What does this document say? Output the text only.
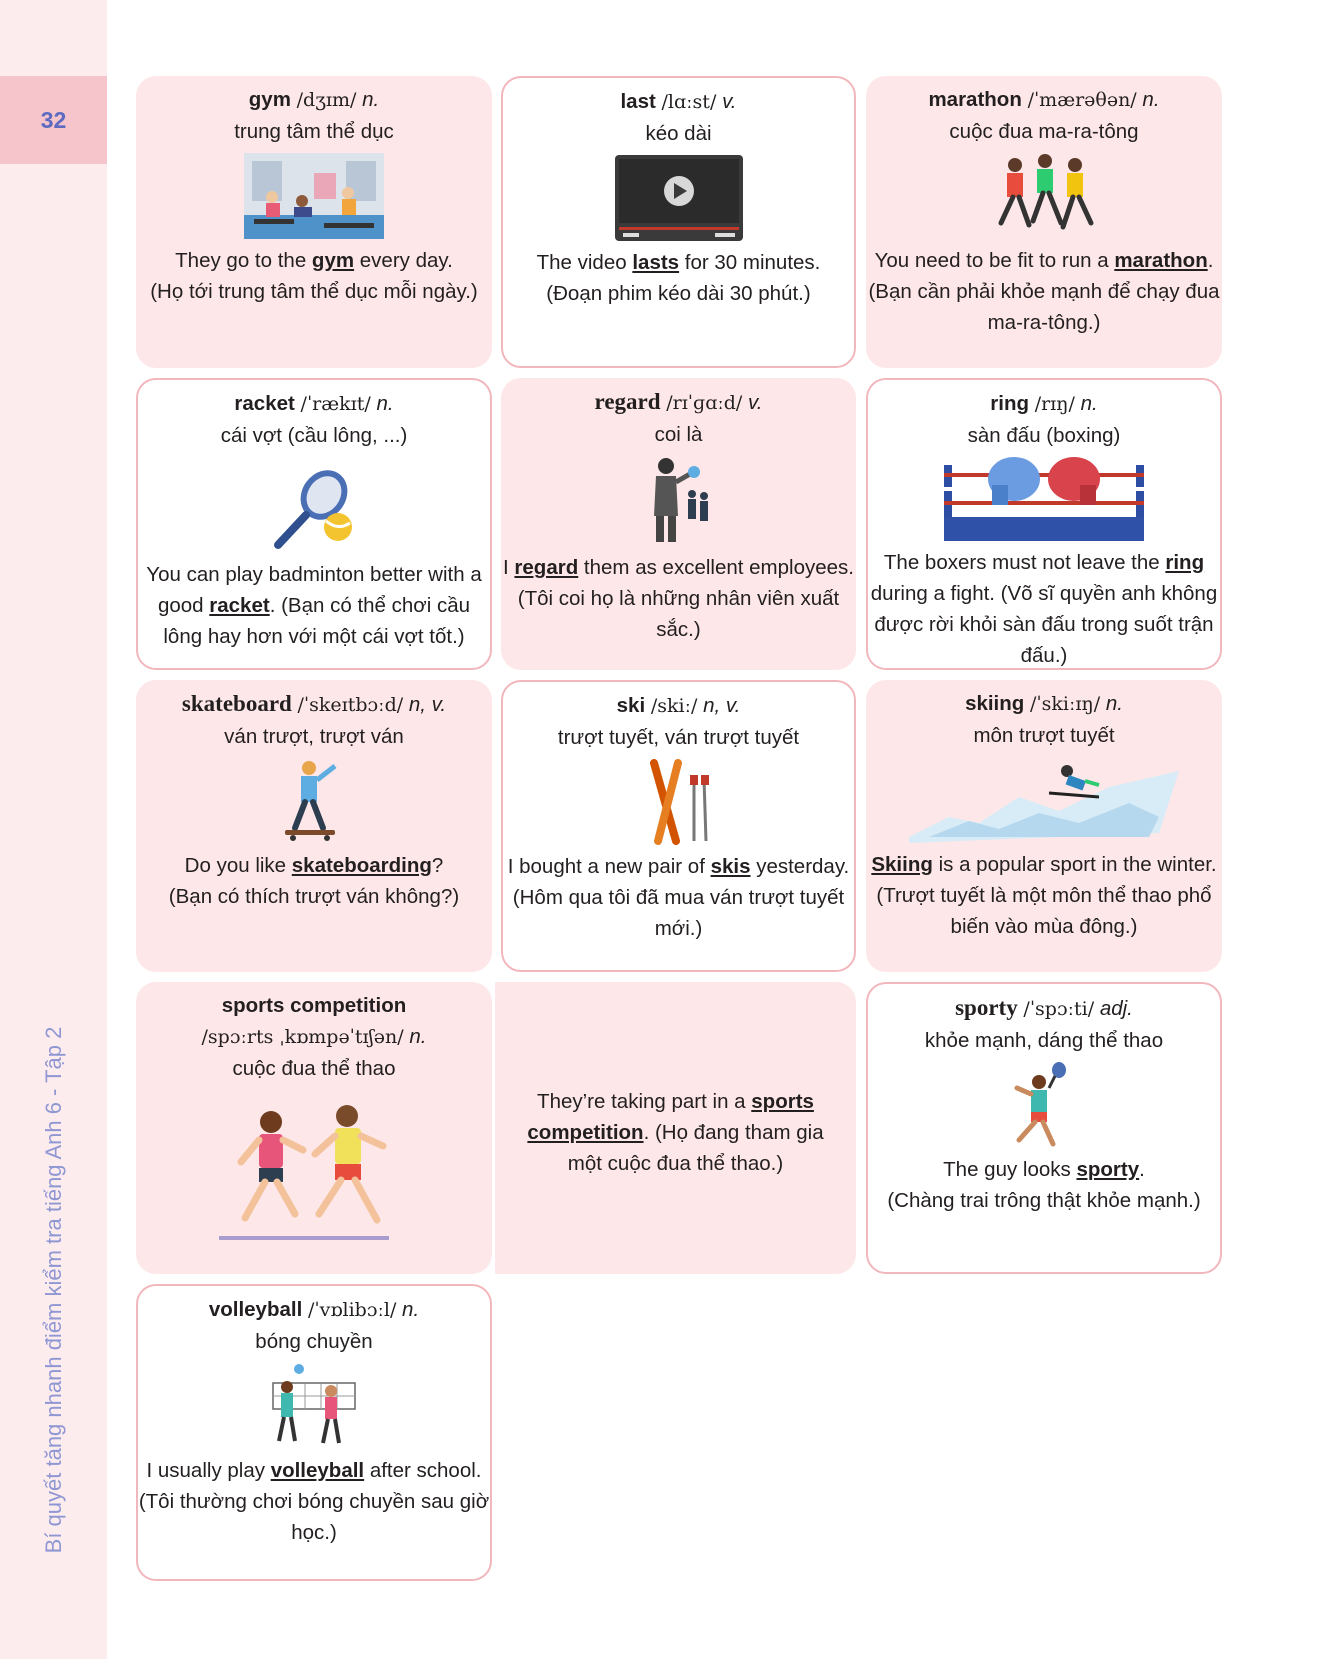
32
Bí quyết tăng nhanh điểm kiểm tra tiếng Anh 6 - Tập 2
gym /dʒɪm/ n.
trung tâm thể dục
They go to the gym every day.
(Họ tới trung tâm thể dục mỗi ngày.)
last /lɑːst/ v.
kéo dài
The video lasts for 30 minutes.
(Đoạn phim kéo dài 30 phút.)
marathon /ˈmærəθən/ n.
cuộc đua ma-ra-tông
You need to be fit to run a marathon. (Bạn cần phải khỏe mạnh để chạy đua ma-ra-tông.)
racket /ˈrækɪt/ n.
cái vợt (cầu lông, ...)
You can play badminton better with a good racket. (Bạn có thể chơi cầu lông hay hơn với một cái vợt tốt.)
regard /rɪˈɡɑːd/ v.
coi là
I regard them as excellent employees. (Tôi coi họ là những nhân viên xuất sắc.)
ring /rɪŋ/ n.
sàn đấu (boxing)
The boxers must not leave the ring during a fight. (Võ sĩ quyền anh không được rời khỏi sàn đấu trong suốt trận đấu.)
skateboard /ˈskeɪtbɔːd/ n, v.
ván trượt, trượt ván
Do you like skateboarding?
(Bạn có thích trượt ván không?)
ski /skiː/ n, v.
trượt tuyết, ván trượt tuyết
I bought a new pair of skis yesterday. (Hôm qua tôi đã mua ván trượt tuyết mới.)
skiing /ˈskiːɪŋ/ n.
môn trượt tuyết
Skiing is a popular sport in the winter. (Trượt tuyết là một môn thể thao phổ biến vào mùa đông.)
sports competition
/spɔːrts ˌkɒmpəˈtɪʃən/ n.
cuộc đua thể thao
They’re taking part in a sports competition. (Họ đang tham gia một cuộc đua thể thao.)
sporty /ˈspɔːti/ adj.
khỏe mạnh, dáng thể thao
The guy looks sporty.
(Chàng trai trông thật khỏe mạnh.)
volleyball /ˈvɒlibɔːl/ n.
bóng chuyền
I usually play volleyball after school. (Tôi thường chơi bóng chuyền sau giờ học.)
